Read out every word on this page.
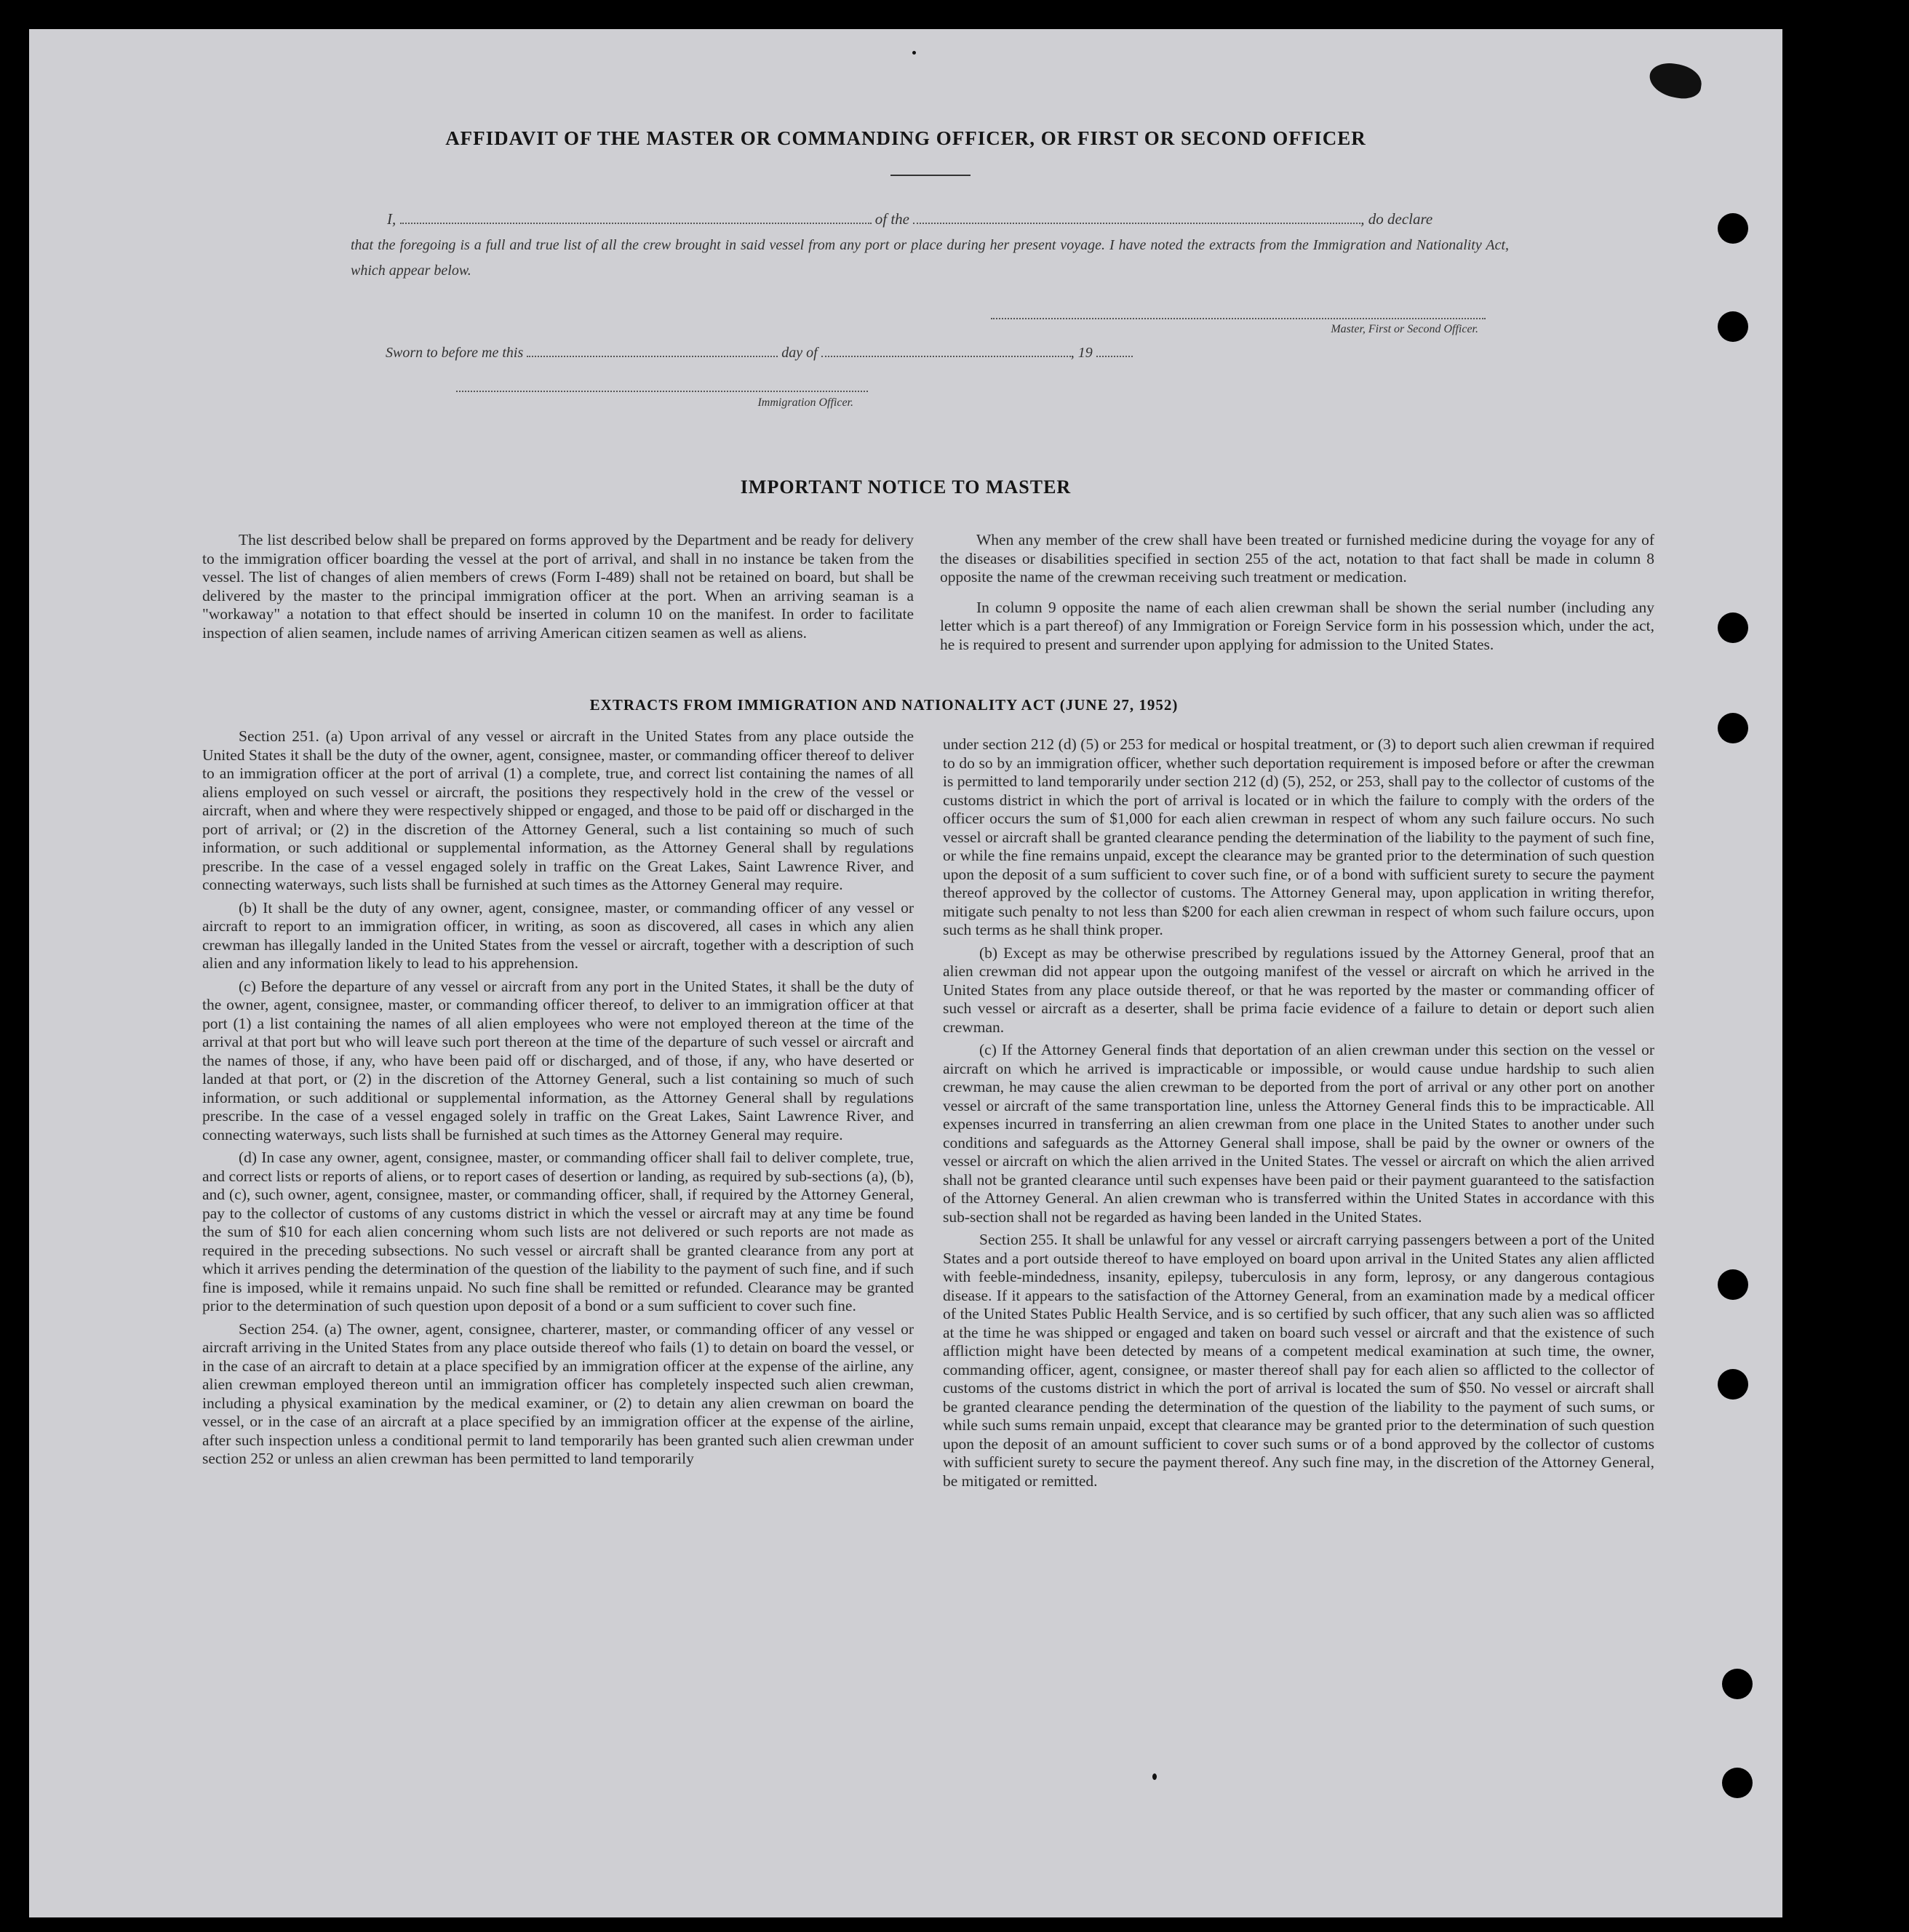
AFFIDAVIT OF THE MASTER OR COMMANDING OFFICER, OR FIRST OR SECOND OFFICER
I,	of the	, do declare
that the foregoing is a full and true list of all the crew brought in said vessel from any port or place during her present voyage. I have noted the extracts from the Immigration and Nationality Act, which appear below.
Master, First or Second Officer.
Sworn to before me this	day of	, 19
Immigration Officer.
IMPORTANT NOTICE TO MASTER

The list described below shall be prepared on forms approved by the Department and be ready for delivery to the immigration officer boarding the vessel at the port of arrival, and shall in no instance be taken from the vessel. The list of changes of alien members of crews (Form I-489) shall not be retained on board, but shall be delivered by the master to the principal immigration officer at the port. When an arriving seaman is a "workaway" a notation to that effect should be inserted in column 10 on the manifest. In order to facilitate inspection of alien seamen, include names of arriving American citizen seamen as well as aliens.

When any member of the crew shall have been treated or furnished medicine during the voyage for any of the diseases or disabilities specified in section 255 of the act, notation to that fact shall be made in column 8 opposite the name of the crewman receiving such treatment or medication.

In column 9 opposite the name of each alien crewman shall be shown the serial number (including any letter which is a part thereof) of any Immigration or Foreign Service form in his possession which, under the act, he is required to present and surrender upon applying for admission to the United States.

EXTRACTS FROM IMMIGRATION AND NATIONALITY ACT (JUNE 27, 1952)

Section 251. (a) Upon arrival of any vessel or aircraft in the United States from any place outside the United States it shall be the duty of the owner, agent, consignee, master, or commanding officer thereof to deliver to an immigration officer at the port of arrival (1) a complete, true, and correct list containing the names of all aliens employed on such vessel or aircraft, the positions they respectively hold in the crew of the vessel or aircraft, when and where they were respectively shipped or engaged, and those to be paid off or discharged in the port of arrival; or (2) in the discretion of the Attorney General, such a list containing so much of such information, or such additional or supplemental information, as the Attorney General shall by regulations prescribe. In the case of a vessel engaged solely in traffic on the Great Lakes, Saint Lawrence River, and connecting waterways, such lists shall be furnished at such times as the Attorney General may require.

(b) It shall be the duty of any owner, agent, consignee, master, or commanding officer of any vessel or aircraft to report to an immigration officer, in writing, as soon as discovered, all cases in which any alien crewman has illegally landed in the United States from the vessel or aircraft, together with a description of such alien and any information likely to lead to his apprehension.

(c) Before the departure of any vessel or aircraft from any port in the United States, it shall be the duty of the owner, agent, consignee, master, or commanding officer thereof, to deliver to an immigration officer at that port (1) a list containing the names of all alien employees who were not employed thereon at the time of the arrival at that port but who will leave such port thereon at the time of the departure of such vessel or aircraft and the names of those, if any, who have been paid off or discharged, and of those, if any, who have deserted or landed at that port, or (2) in the discretion of the Attorney General, such a list containing so much of such information, or such additional or supplemental information, as the Attorney General shall by regulations prescribe. In the case of a vessel engaged solely in traffic on the Great Lakes, Saint Lawrence River, and connecting waterways, such lists shall be furnished at such times as the Attorney General may require.

(d) In case any owner, agent, consignee, master, or commanding officer shall fail to deliver complete, true, and correct lists or reports of aliens, or to report cases of desertion or landing, as required by sub-sections (a), (b), and (c), such owner, agent, consignee, master, or commanding officer, shall, if required by the Attorney General, pay to the collector of customs of any customs district in which the vessel or aircraft may at any time be found the sum of $10 for each alien concerning whom such lists are not delivered or such reports are not made as required in the preceding subsections. No such vessel or aircraft shall be granted clearance from any port at which it arrives pending the determination of the question of the liability to the payment of such fine, and if such fine is imposed, while it remains unpaid. No such fine shall be remitted or refunded. Clearance may be granted prior to the determination of such question upon deposit of a bond or a sum sufficient to cover such fine.

Section 254. (a) The owner, agent, consignee, charterer, master, or commanding officer of any vessel or aircraft arriving in the United States from any place outside thereof who fails (1) to detain on board the vessel, or in the case of an aircraft to detain at a place specified by an immigration officer at the expense of the airline, any alien crewman employed thereon until an immigration officer has completely inspected such alien crewman, including a physical examination by the medical examiner, or (2) to detain any alien crewman on board the vessel, or in the case of an aircraft at a place specified by an immigration officer at the expense of the airline, after such inspection unless a conditional permit to land temporarily has been granted such alien crewman under section 252 or unless an alien crewman has been permitted to land temporarily

under section 212 (d) (5) or 253 for medical or hospital treatment, or (3) to deport such alien crewman if required to do so by an immigration officer, whether such deportation requirement is imposed before or after the crewman is permitted to land temporarily under section 212 (d) (5), 252, or 253, shall pay to the collector of customs of the customs district in which the port of arrival is located or in which the failure to comply with the orders of the officer occurs the sum of $1,000 for each alien crewman in respect of whom any such failure occurs. No such vessel or aircraft shall be granted clearance pending the determination of the liability to the payment of such fine, or while the fine remains unpaid, except the clearance may be granted prior to the determination of such question upon the deposit of a sum sufficient to cover such fine, or of a bond with sufficient surety to secure the payment thereof approved by the collector of customs. The Attorney General may, upon application in writing therefor, mitigate such penalty to not less than $200 for each alien crewman in respect of whom such failure occurs, upon such terms as he shall think proper.

(b) Except as may be otherwise prescribed by regulations issued by the Attorney General, proof that an alien crewman did not appear upon the outgoing manifest of the vessel or aircraft on which he arrived in the United States from any place outside thereof, or that he was reported by the master or commanding officer of such vessel or aircraft as a deserter, shall be prima facie evidence of a failure to detain or deport such alien crewman.

(c) If the Attorney General finds that deportation of an alien crewman under this section on the vessel or aircraft on which he arrived is impracticable or impossible, or would cause undue hardship to such alien crewman, he may cause the alien crewman to be deported from the port of arrival or any other port on another vessel or aircraft of the same transportation line, unless the Attorney General finds this to be impracticable. All expenses incurred in transferring an alien crewman from one place in the United States to another under such conditions and safeguards as the Attorney General shall impose, shall be paid by the owner or owners of the vessel or aircraft on which the alien arrived in the United States. The vessel or aircraft on which the alien arrived shall not be granted clearance until such expenses have been paid or their payment guaranteed to the satisfaction of the Attorney General. An alien crewman who is transferred within the United States in accordance with this sub-section shall not be regarded as having been landed in the United States.

Section 255. It shall be unlawful for any vessel or aircraft carrying passengers between a port of the United States and a port outside thereof to have employed on board upon arrival in the United States any alien afflicted with feeble-mindedness, insanity, epilepsy, tuberculosis in any form, leprosy, or any dangerous contagious disease. If it appears to the satisfaction of the Attorney General, from an examination made by a medical officer of the United States Public Health Service, and is so certified by such officer, that any such alien was so afflicted at the time he was shipped or engaged and taken on board such vessel or aircraft and that the existence of such affliction might have been detected by means of a competent medical examination at such time, the owner, commanding officer, agent, consignee, or master thereof shall pay for each alien so afflicted to the collector of customs of the customs district in which the port of arrival is located the sum of $50. No vessel or aircraft shall be granted clearance pending the determination of the question of the liability to the payment of such sums, or while such sums remain unpaid, except that clearance may be granted prior to the determination of such question upon the deposit of an amount sufficient to cover such sums or of a bond approved by the collector of customs with sufficient surety to secure the payment thereof. Any such fine may, in the discretion of the Attorney General, be mitigated or remitted.
